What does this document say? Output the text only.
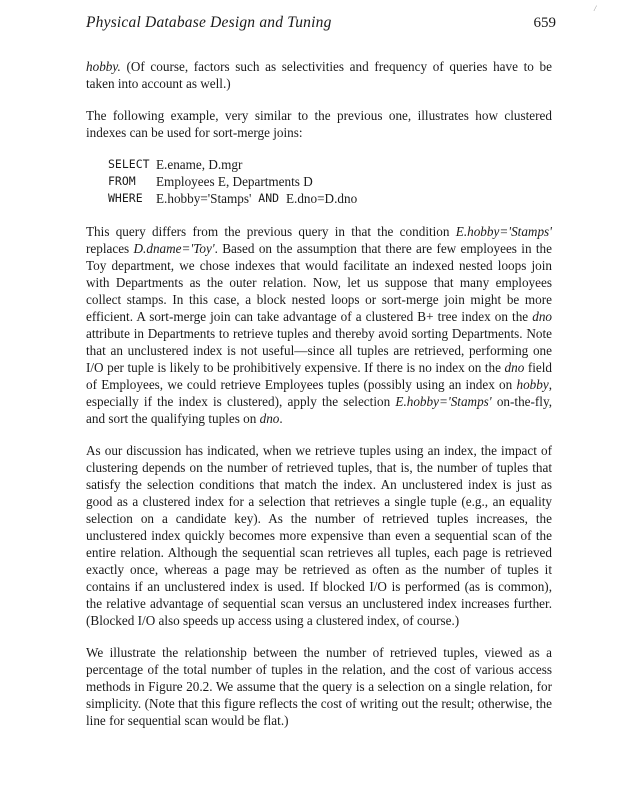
Physical Database Design and Tuning	659
/

hobby. (Of course, factors such as selectivities and frequency of queries have to be taken into account as well.)

The following example, very similar to the previous one, illustrates how clustered indexes can be used for sort-merge joins:

SELECT E.ename, D.mgr
FROM	Employees E, Departments D
WHERE	E.hobby='Stamps' AND E.dno=D.dno

This query differs from the previous query in that the condition E.hobby='Stamps' replaces D.dname='Toy'. Based on the assumption that there are few employees in the Toy department, we chose indexes that would facilitate an indexed nested loops join with Departments as the outer relation. Now, let us suppose that many employees collect stamps. In this case, a block nested loops or sort-merge join might be more efficient. A sort-merge join can take advantage of a clustered B+ tree index on the dno attribute in Departments to retrieve tuples and thereby avoid sorting Departments. Note that an unclustered index is not useful—since all tuples are retrieved, performing one I/O per tuple is likely to be prohibitively expensive. If there is no index on the dno field of Employees, we could retrieve Employees tuples (possibly using an index on hobby, especially if the index is clustered), apply the selection E.hobby='Stamps' on-the-fly, and sort the qualifying tuples on dno.

As our discussion has indicated, when we retrieve tuples using an index, the impact of clustering depends on the number of retrieved tuples, that is, the number of tuples that satisfy the selection conditions that match the index. An unclustered index is just as good as a clustered index for a selection that retrieves a single tuple (e.g., an equality selection on a candidate key). As the number of retrieved tuples increases, the unclustered index quickly becomes more expensive than even a sequential scan of the entire relation. Although the sequential scan retrieves all tuples, each page is retrieved exactly once, whereas a page may be retrieved as often as the number of tuples it contains if an unclustered index is used. If blocked I/O is performed (as is common), the relative advantage of sequential scan versus an unclustered index increases further. (Blocked I/O also speeds up access using a clustered index, of course.)

We illustrate the relationship between the number of retrieved tuples, viewed as a percentage of the total number of tuples in the relation, and the cost of various access methods in Figure 20.2. We assume that the query is a selection on a single relation, for simplicity. (Note that this figure reflects the cost of writing out the result; otherwise, the line for sequential scan would be flat.)
